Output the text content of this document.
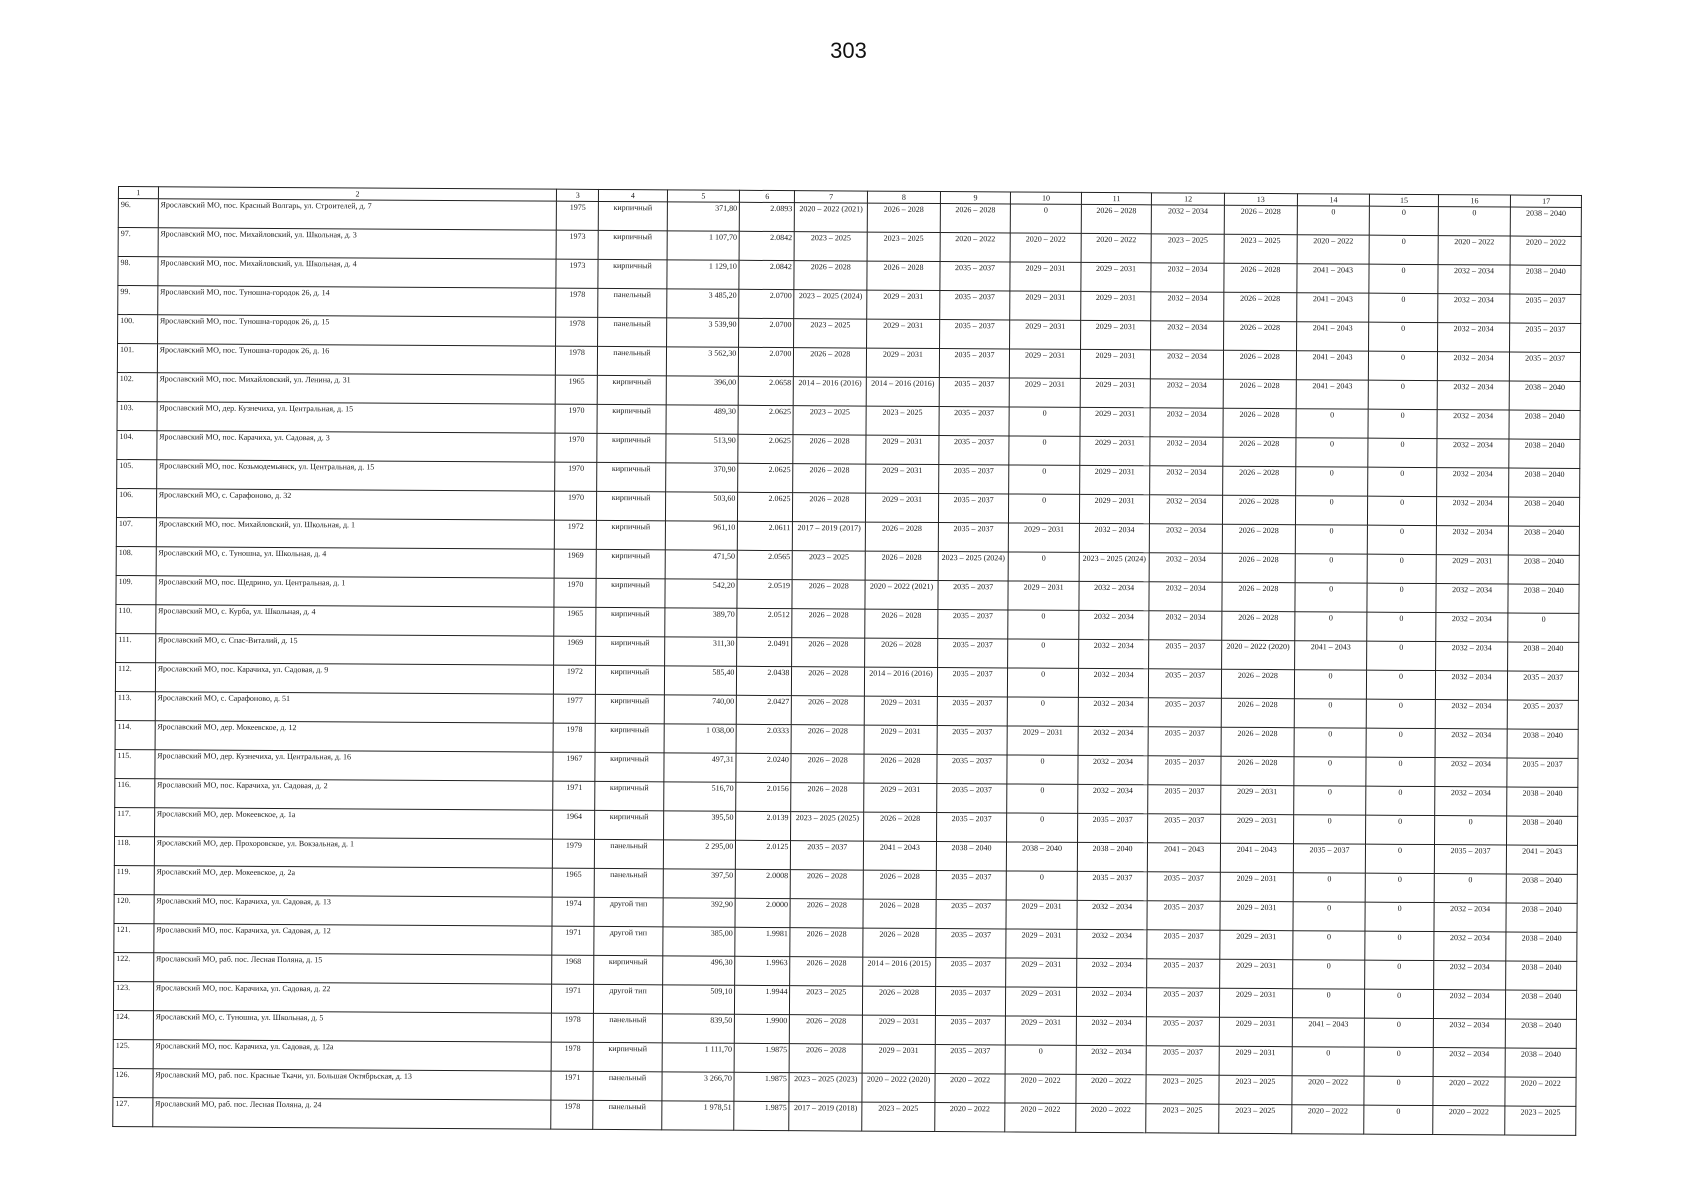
303
1	2	3	4	5	6	7	8	9	10	11	12	13	14	15	16	17
96.	Ярославский МО, пос. Красный Волгарь, ул. Строителей, д. 7	1975	кирпичный	371,80	2.0893	2020 – 2022 (2021)	2026 – 2028	2026 – 2028	0	2026 – 2028	2032 – 2034	2026 – 2028	0	0	0	2038 – 2040
97.	Ярославский МО, пос. Михайловский, ул. Школьная, д. 3	1973	кирпичный	1 107,70	2.0842	2023 – 2025	2023 – 2025	2020 – 2022	2020 – 2022	2020 – 2022	2023 – 2025	2023 – 2025	2020 – 2022	0	2020 – 2022	2020 – 2022
98.	Ярославский МО, пос. Михайловский, ул. Школьная, д. 4	1973	кирпичный	1 129,10	2.0842	2026 – 2028	2026 – 2028	2035 – 2037	2029 – 2031	2029 – 2031	2032 – 2034	2026 – 2028	2041 – 2043	0	2032 – 2034	2038 – 2040
99.	Ярославский МО, пос. Туношна-городок 26, д. 14	1978	панельный	3 485,20	2.0700	2023 – 2025 (2024)	2029 – 2031	2035 – 2037	2029 – 2031	2029 – 2031	2032 – 2034	2026 – 2028	2041 – 2043	0	2032 – 2034	2035 – 2037
100.	Ярославский МО, пос. Туношна-городок 26, д. 15	1978	панельный	3 539,90	2.0700	2023 – 2025	2029 – 2031	2035 – 2037	2029 – 2031	2029 – 2031	2032 – 2034	2026 – 2028	2041 – 2043	0	2032 – 2034	2035 – 2037
101.	Ярославский МО, пос. Туношна-городок 26, д. 16	1978	панельный	3 562,30	2.0700	2026 – 2028	2029 – 2031	2035 – 2037	2029 – 2031	2029 – 2031	2032 – 2034	2026 – 2028	2041 – 2043	0	2032 – 2034	2035 – 2037
102.	Ярославский МО, пос. Михайловский, ул. Ленина, д. 31	1965	кирпичный	396,00	2.0658	2014 – 2016 (2016)	2014 – 2016 (2016)	2035 – 2037	2029 – 2031	2029 – 2031	2032 – 2034	2026 – 2028	2041 – 2043	0	2032 – 2034	2038 – 2040
103.	Ярославский МО, дер. Кузнечиха, ул. Центральная, д. 15	1970	кирпичный	489,30	2.0625	2023 – 2025	2023 – 2025	2035 – 2037	0	2029 – 2031	2032 – 2034	2026 – 2028	0	0	2032 – 2034	2038 – 2040
104.	Ярославский МО, пос. Карачиха, ул. Садовая, д. 3	1970	кирпичный	513,90	2.0625	2026 – 2028	2029 – 2031	2035 – 2037	0	2029 – 2031	2032 – 2034	2026 – 2028	0	0	2032 – 2034	2038 – 2040
105.	Ярославский МО, пос. Козьмодемьянск, ул. Центральная, д. 15	1970	кирпичный	370,90	2.0625	2026 – 2028	2029 – 2031	2035 – 2037	0	2029 – 2031	2032 – 2034	2026 – 2028	0	0	2032 – 2034	2038 – 2040
106.	Ярославский МО, с. Сарафоново, д. 32	1970	кирпичный	503,60	2.0625	2026 – 2028	2029 – 2031	2035 – 2037	0	2029 – 2031	2032 – 2034	2026 – 2028	0	0	2032 – 2034	2038 – 2040
107.	Ярославский МО, пос. Михайловский, ул. Школьная, д. 1	1972	кирпичный	961,10	2.0611	2017 – 2019 (2017)	2026 – 2028	2035 – 2037	2029 – 2031	2032 – 2034	2032 – 2034	2026 – 2028	0	0	2032 – 2034	2038 – 2040
108.	Ярославский МО, с. Туношна, ул. Школьная, д. 4	1969	кирпичный	471,50	2.0565	2023 – 2025	2026 – 2028	2023 – 2025 (2024)	0	2023 – 2025 (2024)	2032 – 2034	2026 – 2028	0	0	2029 – 2031	2038 – 2040
109.	Ярославский МО, пос. Щедрино, ул. Центральная, д. 1	1970	кирпичный	542,20	2.0519	2026 – 2028	2020 – 2022 (2021)	2035 – 2037	2029 – 2031	2032 – 2034	2032 – 2034	2026 – 2028	0	0	2032 – 2034	2038 – 2040
110.	Ярославский МО, с. Курба, ул. Школьная, д. 4	1965	кирпичный	389,70	2.0512	2026 – 2028	2026 – 2028	2035 – 2037	0	2032 – 2034	2032 – 2034	2026 – 2028	0	0	2032 – 2034	0
111.	Ярославский МО, с. Спас-Виталий, д. 15	1969	кирпичный	311,30	2.0491	2026 – 2028	2026 – 2028	2035 – 2037	0	2032 – 2034	2035 – 2037	2020 – 2022 (2020)	2041 – 2043	0	2032 – 2034	2038 – 2040
112.	Ярославский МО, пос. Карачиха, ул. Садовая, д. 9	1972	кирпичный	585,40	2.0438	2026 – 2028	2014 – 2016 (2016)	2035 – 2037	0	2032 – 2034	2035 – 2037	2026 – 2028	0	0	2032 – 2034	2035 – 2037
113.	Ярославский МО, с. Сарафоново, д. 51	1977	кирпичный	740,00	2.0427	2026 – 2028	2029 – 2031	2035 – 2037	0	2032 – 2034	2035 – 2037	2026 – 2028	0	0	2032 – 2034	2035 – 2037
114.	Ярославский МО, дер. Мокеевское, д. 12	1978	кирпичный	1 038,00	2.0333	2026 – 2028	2029 – 2031	2035 – 2037	2029 – 2031	2032 – 2034	2035 – 2037	2026 – 2028	0	0	2032 – 2034	2038 – 2040
115.	Ярославский МО, дер. Кузнечиха, ул. Центральная, д. 16	1967	кирпичный	497,31	2.0240	2026 – 2028	2026 – 2028	2035 – 2037	0	2032 – 2034	2035 – 2037	2026 – 2028	0	0	2032 – 2034	2035 – 2037
116.	Ярославский МО, пос. Карачиха, ул. Садовая, д. 2	1971	кирпичный	516,70	2.0156	2026 – 2028	2029 – 2031	2035 – 2037	0	2032 – 2034	2035 – 2037	2029 – 2031	0	0	2032 – 2034	2038 – 2040
117.	Ярославский МО, дер. Мокеевское, д. 1а	1964	кирпичный	395,50	2.0139	2023 – 2025 (2025)	2026 – 2028	2035 – 2037	0	2035 – 2037	2035 – 2037	2029 – 2031	0	0	0	2038 – 2040
118.	Ярославский МО, дер. Прохоровское, ул. Вокзальная, д. 1	1979	панельный	2 295,00	2.0125	2035 – 2037	2041 – 2043	2038 – 2040	2038 – 2040	2038 – 2040	2041 – 2043	2041 – 2043	2035 – 2037	0	2035 – 2037	2041 – 2043
119.	Ярославский МО, дер. Мокеевское, д. 2а	1965	панельный	397,50	2.0008	2026 – 2028	2026 – 2028	2035 – 2037	0	2035 – 2037	2035 – 2037	2029 – 2031	0	0	0	2038 – 2040
120.	Ярославский МО, пос. Карачиха, ул. Садовая, д. 13	1974	другой тип	392,90	2.0000	2026 – 2028	2026 – 2028	2035 – 2037	2029 – 2031	2032 – 2034	2035 – 2037	2029 – 2031	0	0	2032 – 2034	2038 – 2040
121.	Ярославский МО, пос. Карачиха, ул. Садовая, д. 12	1971	другой тип	385,00	1.9981	2026 – 2028	2026 – 2028	2035 – 2037	2029 – 2031	2032 – 2034	2035 – 2037	2029 – 2031	0	0	2032 – 2034	2038 – 2040
122.	Ярославский МО, раб. пос. Лесная Поляна, д. 15	1968	кирпичный	496,30	1.9963	2026 – 2028	2014 – 2016 (2015)	2035 – 2037	2029 – 2031	2032 – 2034	2035 – 2037	2029 – 2031	0	0	2032 – 2034	2038 – 2040
123.	Ярославский МО, пос. Карачиха, ул. Садовая, д. 22	1971	другой тип	509,10	1.9944	2023 – 2025	2026 – 2028	2035 – 2037	2029 – 2031	2032 – 2034	2035 – 2037	2029 – 2031	0	0	2032 – 2034	2038 – 2040
124.	Ярославский МО, с. Туношна, ул. Школьная, д. 5	1978	панельный	839,50	1.9900	2026 – 2028	2029 – 2031	2035 – 2037	2029 – 2031	2032 – 2034	2035 – 2037	2029 – 2031	2041 – 2043	0	2032 – 2034	2038 – 2040
125.	Ярославский МО, пос. Карачиха, ул. Садовая, д. 12а	1978	кирпичный	1 111,70	1.9875	2026 – 2028	2029 – 2031	2035 – 2037	0	2032 – 2034	2035 – 2037	2029 – 2031	0	0	2032 – 2034	2038 – 2040
126.	Ярославский МО, раб. пос. Красные Ткачи, ул. Большая Октябрьская, д. 13	1971	панельный	3 266,70	1.9875	2023 – 2025 (2023)	2020 – 2022 (2020)	2020 – 2022	2020 – 2022	2020 – 2022	2023 – 2025	2023 – 2025	2020 – 2022	0	2020 – 2022	2020 – 2022
127.	Ярославский МО, раб. пос. Лесная Поляна, д. 24	1978	панельный	1 978,51	1.9875	2017 – 2019 (2018)	2023 – 2025	2020 – 2022	2020 – 2022	2020 – 2022	2023 – 2025	2023 – 2025	2020 – 2022	0	2020 – 2022	2023 – 2025
